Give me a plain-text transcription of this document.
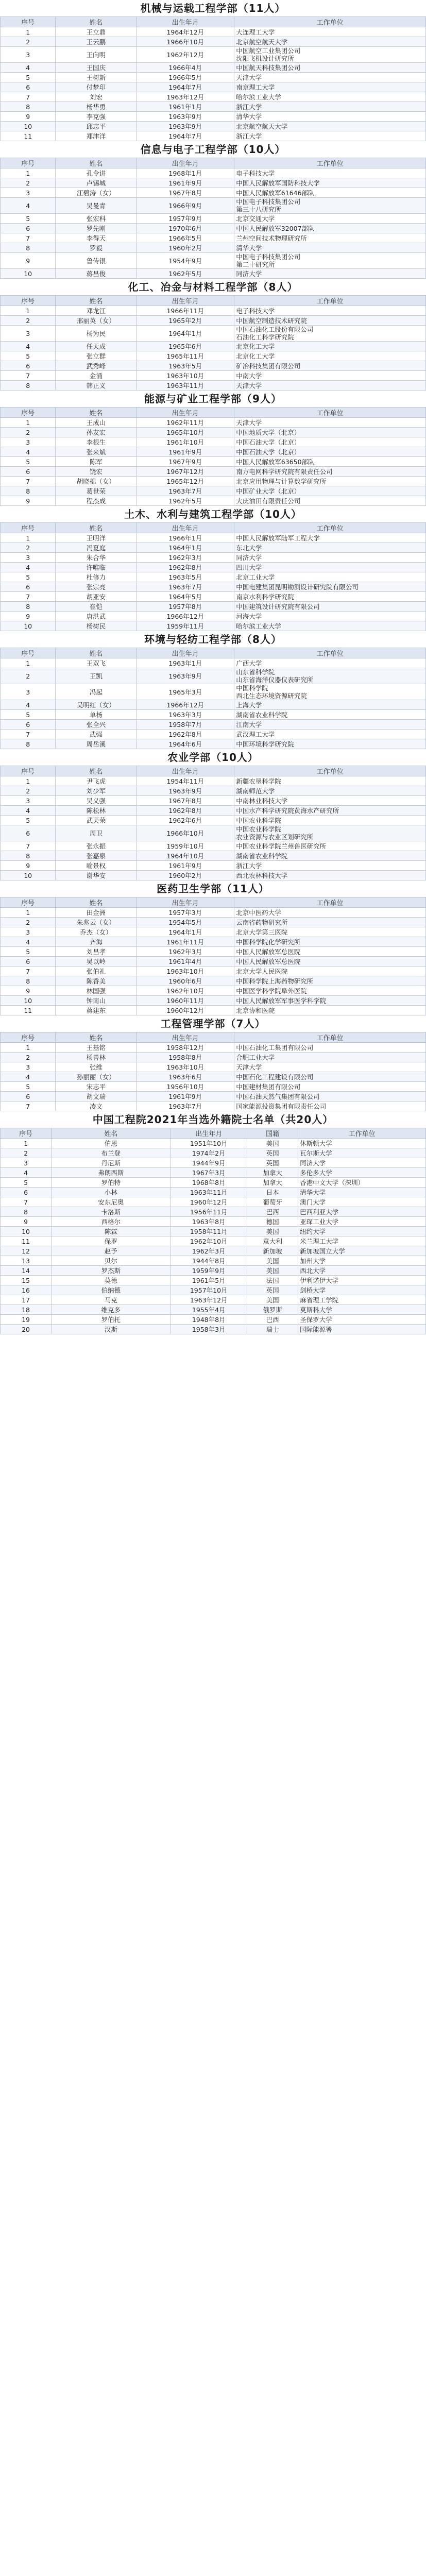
机械与运载工程学部（11人）
序号	姓名	出生年月	工作单位
1	王立鼎	1964年12月	大连理工大学
2	王云鹏	1966年10月	北京航空航天大学
3	王向明	1962年12月	中国航空工业集团公司
沈阳飞机设计研究所
4	王国庆	1966年4月	中国航天科技集团公司
5	王树新	1966年5月	天津大学
6	付梦印	1964年7月	南京理工大学
7	刘宏	1963年12月	哈尔滨工业大学
8	杨华勇	1961年1月	浙江大学
9	李克强	1963年9月	清华大学
10	邱志平	1963年9月	北京航空航天大学
11	郑津洋	1964年7月	浙江大学
信息与电子工程学部（10人）
序号	姓名	出生年月	工作单位
1	孔令讲	1968年1月	电子科技大学
2	卢锡城	1961年9月	中国人民解放军国防科技大学
3	江碧涛（女）	1967年8月	中国人民解放军61646部队
4	吴曼青	1966年9月	中国电子科技集团公司
第三十八研究所
5	张宏科	1957年9月	北京交通大学
6	罗先刚	1970年6月	中国人民解放军32007部队
7	李得天	1966年5月	兰州空间技术物理研究所
8	罗毅	1960年2月	清华大学
9	鲁传银	1954年9月	中国电子科技集团公司
第二十研究所
10	蒋昌俊	1962年5月	同济大学
化工、冶金与材料工程学部（8人）
序号	姓名	出生年月	工作单位
1	邓龙江	1966年11月	电子科技大学
2	邢丽英（女）	1965年2月	中国航空制造技术研究院
3	杨为民	1964年1月	中国石油化工股份有限公司
石油化工科学研究院
4	任天成	1965年6月	北京化工大学
5	张立群	1965年11月	北京化工大学
6	武秀峰	1963年5月	矿冶科技集团有限公司
7	金涌	1963年10月	中南大学
8	韩正义	1963年11月	天津大学
能源与矿业工程学部（9人）
序号	姓名	出生年月	工作单位
1	王成山	1962年11月	天津大学
2	孙友宏	1965年10月	中国地质大学（北京）
3	李根生	1961年10月	中国石油大学（北京）
4	张来斌	1961年9月	中国石油大学（北京）
5	陈军	1967年9月	中国人民解放军63650部队
6	饶宏	1967年12月	南方电网科学研究院有限责任公司
7	胡晓棉（女）	1965年12月	北京应用物理与计算数学研究所
8	葛世荣	1963年7月	中国矿业大学（北京）
9	程杰成	1962年5月	大庆油田有限责任公司
土木、水利与建筑工程学部（10人）
序号	姓名	出生年月	工作单位
1	王明洋	1966年1月	中国人民解放军陆军工程大学
2	冯夏庭	1964年1月	东北大学
3	朱合华	1962年3月	同济大学
4	许唯临	1962年8月	四川大学
5	杜修力	1963年5月	北京工业大学
6	张宗亮	1963年7月	中国电建集团昆明勘测设计研究院有限公司
7	胡亚安	1964年5月	南京水利科学研究院
8	崔恺	1957年8月	中国建筑设计研究院有限公司
9	唐洪武	1966年12月	河海大学
10	杨树民	1959年11月	哈尔滨工业大学
环境与轻纺工程学部（8人）
序号	姓名	出生年月	工作单位
1	王双飞	1963年1月	广西大学
2	王凯	1963年9月	山东省科学院
山东省海洋仪器仪表研究所
3	冯起	1965年3月	中国科学院
西北生态环境资源研究院
4	吴明红（女）	1966年12月	上海大学
5	单杨	1963年3月	湖南省农业科学院
6	张全兴	1958年7月	江南大学
7	武强	1962年8月	武汉理工大学
8	周岳溪	1964年6月	中国环境科学研究院
农业学部（10人）
序号	姓名	出生年月	工作单位
1	尹飞虎	1954年11月	新疆农垦科学院
2	刘少军	1963年9月	湖南师范大学
3	吴义强	1967年8月	中南林业科技大学
4	陈松林	1962年8月	中国水产科学研究院黄海水产研究所
5	武芙荣	1962年6月	中国农业科学院
6	周卫	1966年10月	中国农业科学院
农业资源与农业区划研究所
7	张永振	1959年10月	中国农业科学院兰州兽医研究所
8	张嘉泉	1964年10月	湖南省农业科学院
9	喻景权	1961年9月	浙江大学
10	谢华安	1960年2月	西北农林科技大学
医药卫生学部（11人）
序号	姓名	出生年月	工作单位
1	田金洲	1957年3月	北京中医药大学
2	朱兆云（女）	1954年5月	云南省药物研究所
3	乔杰（女）	1964年1月	北京大学第三医院
4	齐海	1961年11月	中国科学院化学研究所
5	刘昌孝	1962年3月	中国人民解放军总医院
6	吴以岭	1961年4月	中国人民解放军总医院
7	张伯礼	1963年10月	北京大学人民医院
8	陈香美	1960年6月	中国科学院上海药物研究所
9	林国强	1962年10月	中国医学科学院阜外医院
10	钟南山	1960年11月	中国人民解放军军事医学科学院
11	蒋建东	1960年12月	北京协和医院
工程管理学部（7人）
序号	姓名	出生年月	工作单位
1	王基铭	1958年12月	中国石油化工集团有限公司
2	杨善林	1958年8月	合肥工业大学
3	张维	1963年10月	天津大学
4	孙丽丽（女）	1963年6月	中国石化工程建设有限公司
5	宋志平	1956年10月	中国建材集团有限公司
6	胡文瑞	1961年9月	中国石油天然气集团有限公司
7	凌文	1963年7月	国家能源投资集团有限责任公司
中国工程院2021年当选外籍院士名单（共20人）
序号	姓名	出生年月	国籍	工作单位
1	伯恩	1951年10月	美国	休斯顿大学
2	布兰登	1974年2月	英国	瓦尔斯大学
3	丹尼斯	1944年9月	英国	同济大学
4	弗朗西斯	1967年3月	加拿大	多伦多大学
5	罗伯特	1968年8月	加拿大	香港中文大学（深圳）
6	小林	1963年11月	日本	清华大学
7	安东尼奥	1960年12月	葡萄牙	澳门大学
8	卡洛斯	1956年11月	巴西	巴西利亚大学
9	西格尔	1963年8月	德国	亚琛工业大学
10	陈霖	1958年11月	美国	纽约大学
11	保罗	1962年10月	意大利	米兰理工大学
12	赵予	1962年3月	新加坡	新加坡国立大学
13	贝尔	1944年8月	美国	加州大学
14	罗杰斯	1959年9月	美国	西北大学
15	莫德	1961年5月	法国	伊利诺伊大学
16	伯纳德	1957年10月	英国	剑桥大学
17	马克	1963年12月	美国	麻省理工学院
18	维克多	1955年4月	俄罗斯	莫斯科大学
19	罗伯托	1948年8月	巴西	圣保罗大学
20	汉斯	1958年3月	瑞士	国际能源署
